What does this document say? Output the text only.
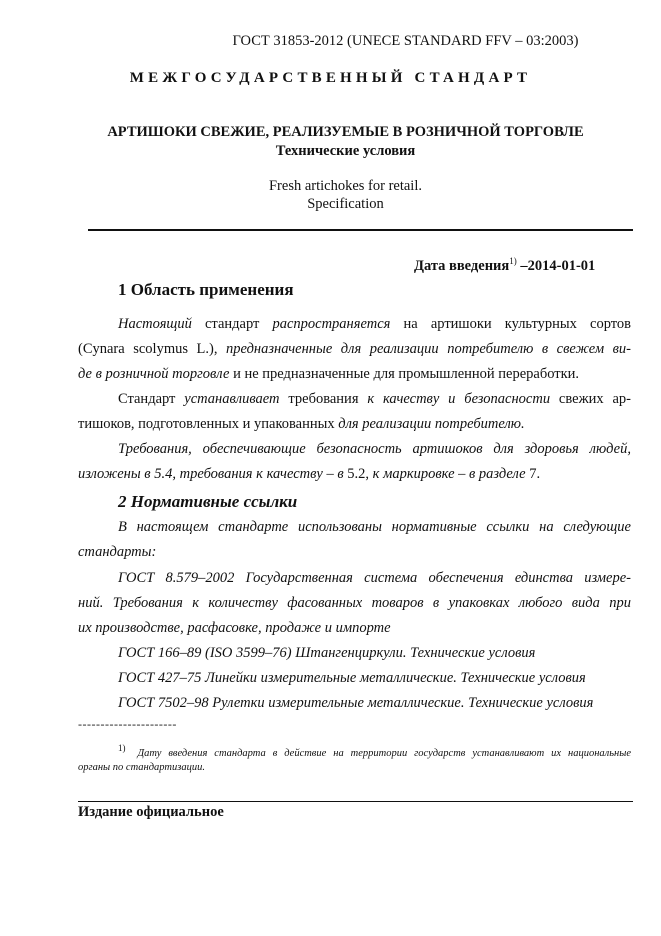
ГОСТ 31853-2012 (UNECE STANDARD FFV – 03:2003)
МЕЖГОСУДАРСТВЕННЫЙ СТАНДАРТ
АРТИШОКИ СВЕЖИЕ, РЕАЛИЗУЕМЫЕ В РОЗНИЧНОЙ ТОРГОВЛЕ
Технические условия
Fresh artichokes for retail.
Specification
Дата введения$^{1)}$ –2014-01-01
1 Область применения
Настоящий стандарт распространяется на артишоки культурных сортов
(Cynara scolymus L.), предназначенные для реализации потребителю в свежем ви-
де в розничной торговле и не предназначенные для промышленной переработки.
Стандарт устанавливает требования к качеству и безопасности свежих ар-
тишоков, подготовленных и упакованных для реализации потребителю.
Требования, обеспечивающие безопасность артишоков для здоровья людей,
изложены в 5.4, требования к качеству – в 5.2, к маркировке – в разделе 7.
2 Нормативные ссылки
В настоящем стандарте использованы нормативные ссылки на следующие
стандарты:
ГОСТ 8.579–2002 Государственная система обеспечения единства измере-
ний. Требования к количеству фасованных товаров в упаковках любого вида при
их производстве, расфасовке, продаже и импорте
ГОСТ 166–89 (ISO 3599–76) Штангенциркули. Технические условия
ГОСТ 427–75 Линейки измерительные металлические. Технические условия
ГОСТ 7502–98 Рулетки измерительные металлические. Технические условия
----------------------
1) Дату введения стандарта в действие на территории государств устанавливают их национальные
органы по стандартизации.
Издание официальное
